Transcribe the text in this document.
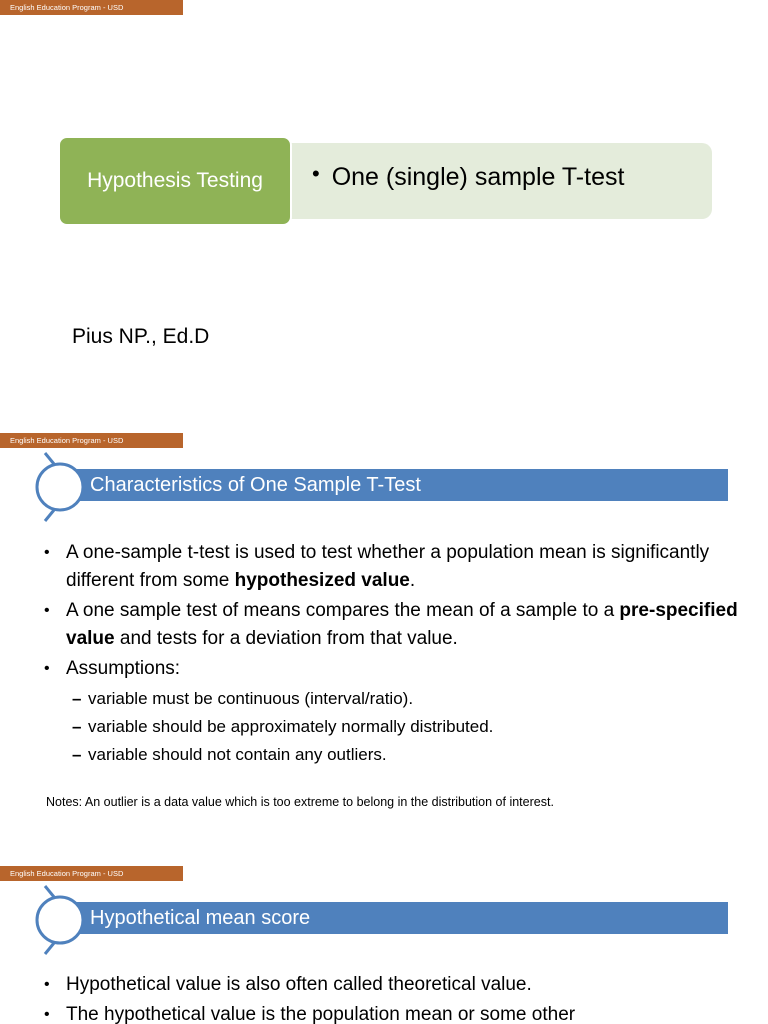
English Education Program - USD
Hypothesis Testing • One (single) sample T-test
Pius NP., Ed.D
English Education Program - USD
Characteristics of One Sample T-Test
• A one-sample t-test is used to test whether a population mean is significantly different from some hypothesized value.
• A one sample test of means compares the mean of a sample to a pre-specified value and tests for a deviation from that value.
• Assumptions:
– variable must be continuous (interval/ratio).
– variable should be approximately normally distributed.
– variable should not contain any outliers.
Notes: An outlier is a data value which is too extreme to belong in the distribution of interest.
English Education Program - USD
Hypothetical mean score
• Hypothetical value is also often called theoretical value.
• The hypothetical value is the population mean or some other
